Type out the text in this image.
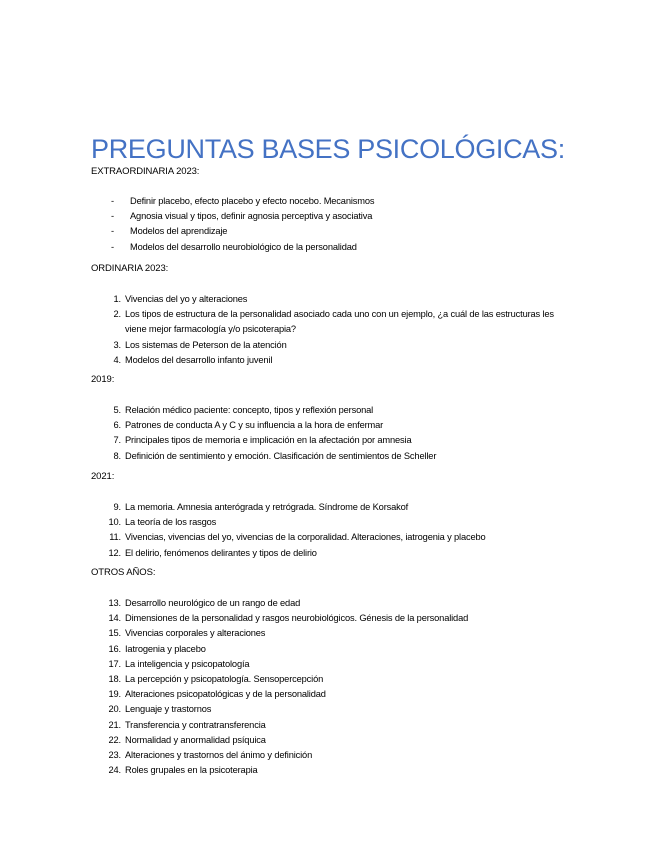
PREGUNTAS BASES PSICOLÓGICAS:
EXTRAORDINARIA 2023:
- Definir placebo, efecto placebo y efecto nocebo. Mecanismos
- Agnosia visual y tipos, definir agnosia perceptiva y asociativa
- Modelos del aprendizaje
- Modelos del desarrollo neurobiológico de la personalidad
ORDINARIA 2023:
1. Vivencias del yo y alteraciones
2. Los tipos de estructura de la personalidad asociado cada uno con un ejemplo, ¿a cuál de las estructuras les viene mejor farmacología y/o psicoterapia?
3. Los sistemas de Peterson de la atención
4. Modelos del desarrollo infanto juvenil
2019:
5. Relación médico paciente: concepto, tipos y reflexión personal
6. Patrones de conducta A y C y su influencia a la hora de enfermar
7. Principales tipos de memoria e implicación en la afectación por amnesia
8. Definición de sentimiento y emoción. Clasificación de sentimientos de Scheller
2021:
9. La memoria. Amnesia anterógrada y retrógrada. Síndrome de Korsakof
10. La teoría de los rasgos
11. Vivencias, vivencias del yo, vivencias de la corporalidad. Alteraciones, iatrogenia y placebo
12. El delirio, fenómenos delirantes y tipos de delirio
OTROS AÑOS:
13. Desarrollo neurológico de un rango de edad
14. Dimensiones de la personalidad y rasgos neurobiológicos. Génesis de la personalidad
15. Vivencias corporales y alteraciones
16. Iatrogenia y placebo
17. La inteligencia y psicopatología
18. La percepción y psicopatología. Sensopercepción
19. Alteraciones psicopatológicas y de la personalidad
20. Lenguaje y trastornos
21. Transferencia y contratransferencia
22. Normalidad y anormalidad psíquica
23. Alteraciones y trastornos del ánimo y definición
24. Roles grupales en la psicoterapia
